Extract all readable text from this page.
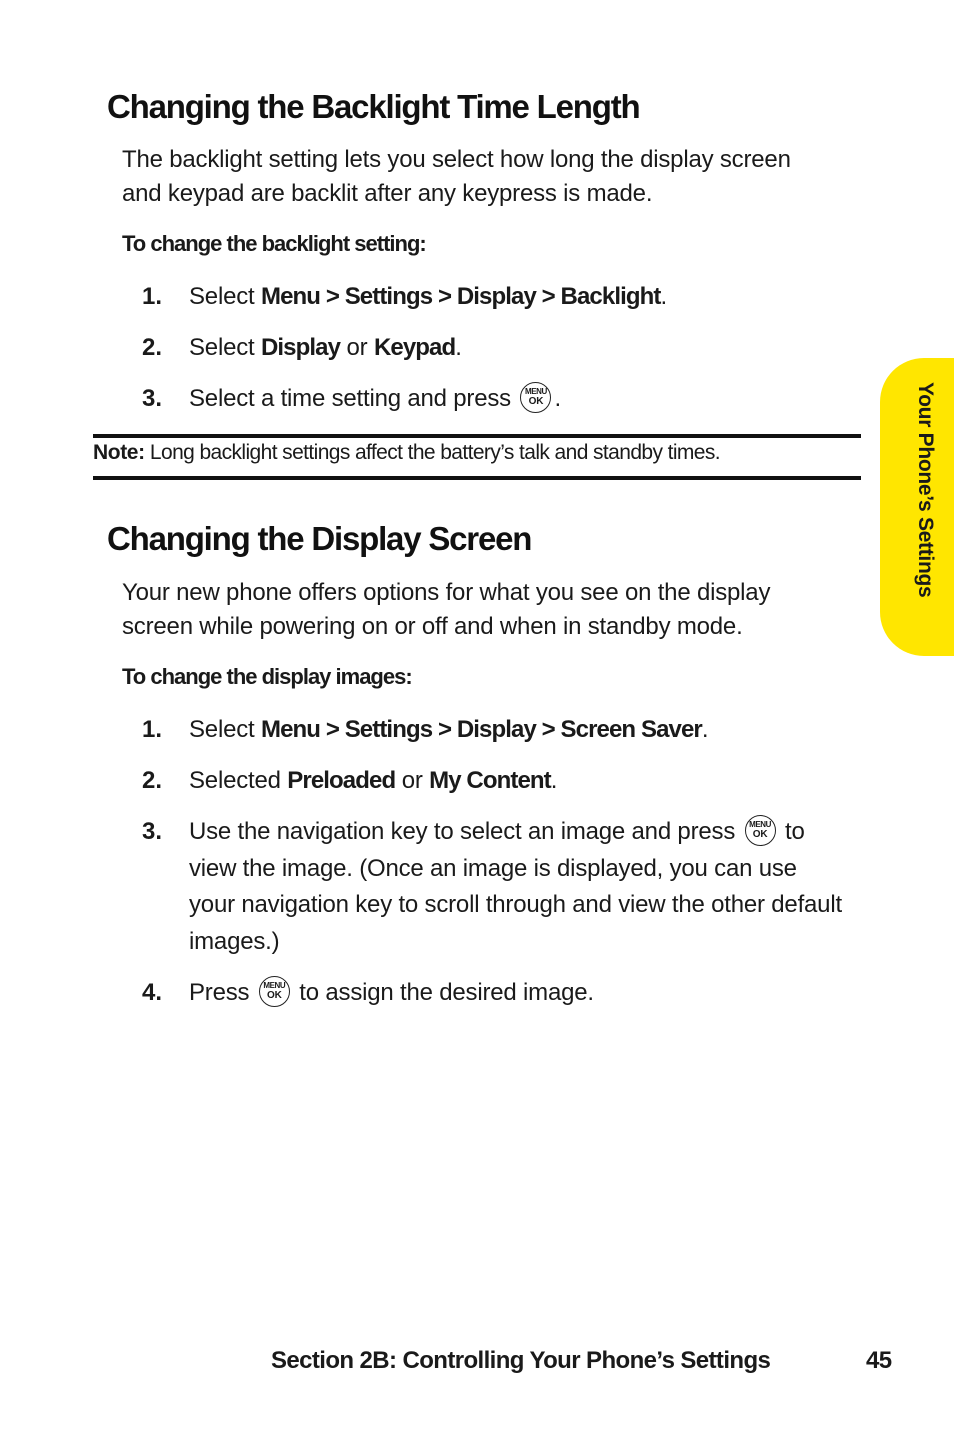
Your Phone’s Settings
Changing the Backlight Time Length

The backlight setting lets you select how long the display screen and keypad are backlit after any keypress is made.

To change the backlight setting:

1.	Select Menu > Settings > Display > Backlight.
2.	Select Display or Keypad.
3.	Select a time setting and press	MENU
OK .

Note: Long backlight settings affect the battery’s talk and standby times.

Changing the Display Screen

Your new phone offers options for what you see on the display screen while powering on or off and when in standby mode.

To change the display images:

1.	Select Menu > Settings > Display > Screen Saver.
2.	Selected Preloaded or My Content.
3.	Use the navigation key to select an image and press	MENU
OK to view the image. (Once an image is displayed, you can use your navigation key to scroll through and view the other default images.)
4.	Press	MENU
OK to assign the desired image.

Section 2B: Controlling Your Phone’s Settings	45
